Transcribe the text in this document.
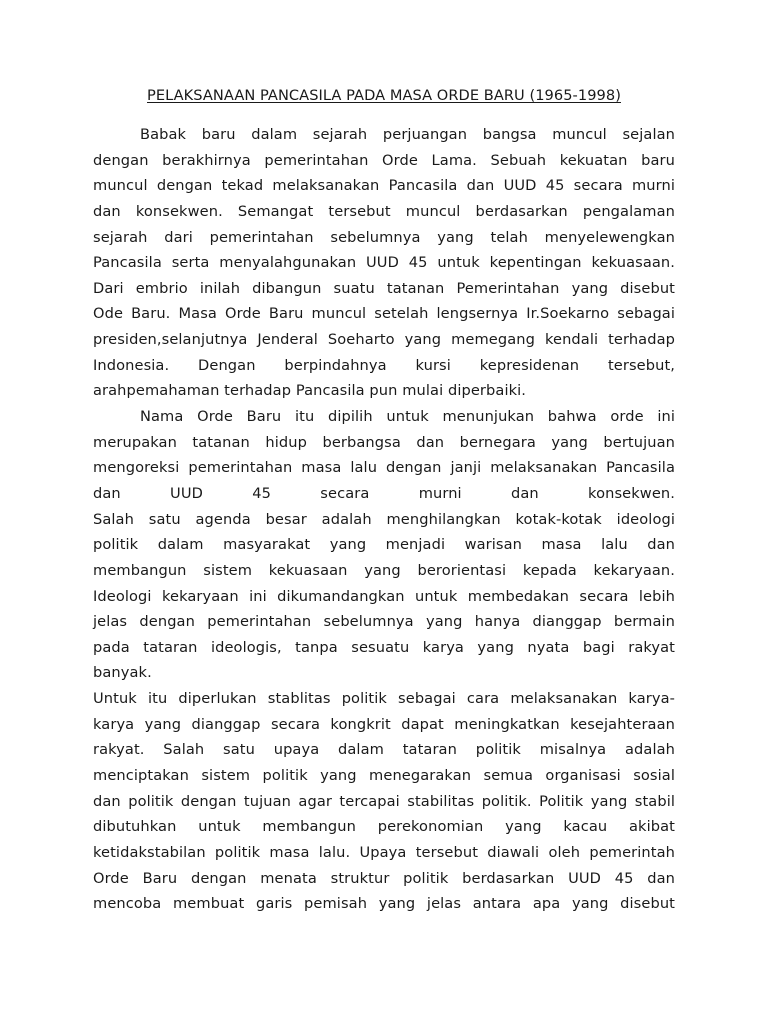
PELAKSANAAN PANCASILA PADA MASA ORDE BARU (1965-1998)
Babak baru dalam sejarah perjuangan bangsa muncul sejalan
dengan berakhirnya pemerintahan Orde Lama. Sebuah kekuatan baru
muncul dengan tekad melaksanakan Pancasila dan UUD 45 secara murni
dan konsekwen. Semangat tersebut muncul berdasarkan pengalaman
sejarah dari pemerintahan sebelumnya yang telah menyelewengkan
Pancasila serta menyalahgunakan UUD 45 untuk kepentingan kekuasaan.
Dari embrio inilah dibangun suatu tatanan Pemerintahan yang disebut
Ode Baru. Masa Orde Baru muncul setelah lengsernya Ir.Soekarno sebagai
presiden,selanjutnya Jenderal Soeharto yang memegang kendali terhadap
Indonesia. Dengan berpindahnya kursi kepresidenan tersebut,
arahpemahaman terhadap Pancasila pun mulai diperbaiki.
Nama Orde Baru itu dipilih untuk menunjukan bahwa orde ini
merupakan tatanan hidup berbangsa dan bernegara yang bertujuan
mengoreksi pemerintahan masa lalu dengan janji melaksanakan Pancasila
dan UUD 45 secara murni dan konsekwen.
Salah satu agenda besar adalah menghilangkan kotak-kotak ideologi
politik dalam masyarakat yang menjadi warisan masa lalu dan
membangun sistem kekuasaan yang berorientasi kepada kekaryaan.
Ideologi kekaryaan ini dikumandangkan untuk membedakan secara lebih
jelas dengan pemerintahan sebelumnya yang hanya dianggap bermain
pada tataran ideologis, tanpa sesuatu karya yang nyata bagi rakyat
banyak.
Untuk itu diperlukan stablitas politik sebagai cara melaksanakan karya-
karya yang dianggap secara kongkrit dapat meningkatkan kesejahteraan
rakyat. Salah satu upaya dalam tataran politik misalnya adalah
menciptakan sistem politik yang menegarakan semua organisasi sosial
dan politik dengan tujuan agar tercapai stabilitas politik. Politik yang stabil
dibutuhkan untuk membangun perekonomian yang kacau akibat
ketidakstabilan politik masa lalu. Upaya tersebut diawali oleh pemerintah
Orde Baru dengan menata struktur politik berdasarkan UUD 45 dan
mencoba membuat garis pemisah yang jelas antara apa yang disebut
